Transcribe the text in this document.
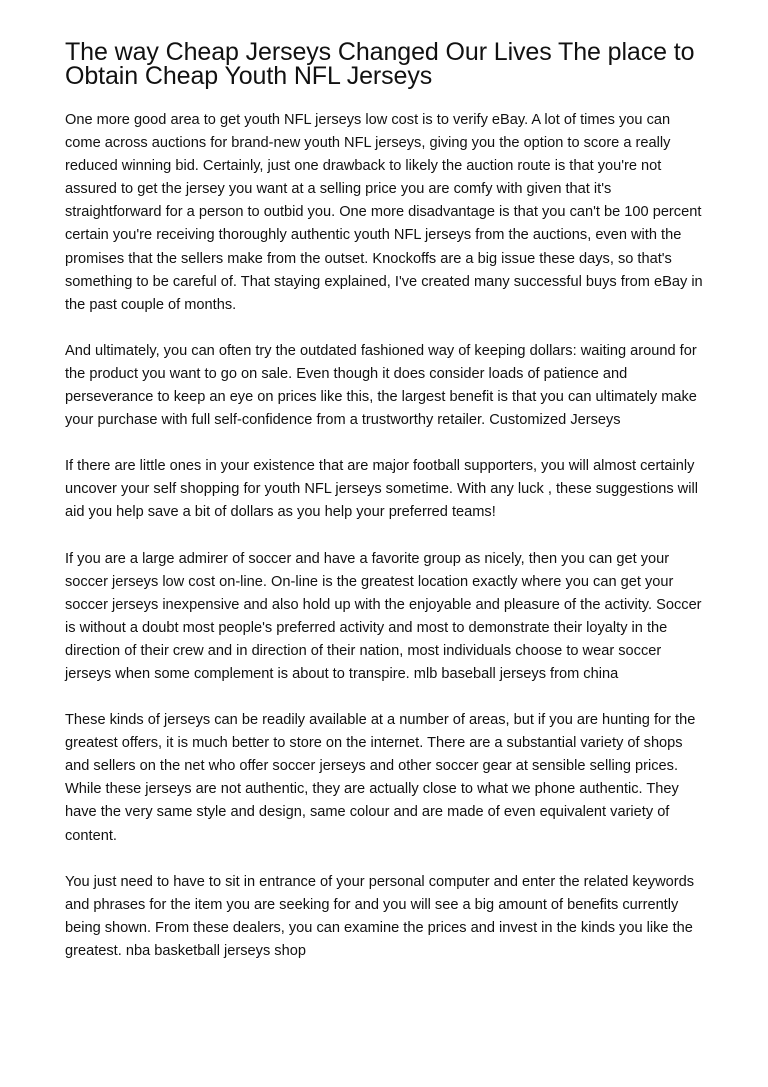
The way Cheap Jerseys Changed Our Lives The place to Obtain Cheap Youth NFL Jerseys

One more good area to get youth NFL jerseys low cost is to verify eBay. A lot of times you can come across auctions for brand-new youth NFL jerseys, giving you the option to score a really reduced winning bid. Certainly, just one drawback to likely the auction route is that you're not assured to get the jersey you want at a selling price you are comfy with given that it's straightforward for a person to outbid you. One more disadvantage is that you can't be 100 percent certain you're receiving thoroughly authentic youth NFL jerseys from the auctions, even with the promises that the sellers make from the outset. Knockoffs are a big issue these days, so that's something to be careful of. That staying explained, I've created many successful buys from eBay in the past couple of months.

And ultimately, you can often try the outdated fashioned way of keeping dollars: waiting around for the product you want to go on sale. Even though it does consider loads of patience and perseverance to keep an eye on prices like this, the largest benefit is that you can ultimately make your purchase with full self-confidence from a trustworthy retailer. Customized Jerseys

If there are little ones in your existence that are major football supporters, you will almost certainly uncover your self shopping for youth NFL jerseys sometime. With any luck , these suggestions will aid you help save a bit of dollars as you help your preferred teams!

If you are a large admirer of soccer and have a favorite group as nicely, then you can get your soccer jerseys low cost on-line. On-line is the greatest location exactly where you can get your soccer jerseys inexpensive and also hold up with the enjoyable and pleasure of the activity. Soccer is without a doubt most people's preferred activity and most to demonstrate their loyalty in the direction of their crew and in direction of their nation, most individuals choose to wear soccer jerseys when some complement is about to transpire. mlb baseball jerseys from china

These kinds of jerseys can be readily available at a number of areas, but if you are hunting for the greatest offers, it is much better to store on the internet. There are a substantial variety of shops and sellers on the net who offer soccer jerseys and other soccer gear at sensible selling prices. While these jerseys are not authentic, they are actually close to what we phone authentic. They have the very same style and design, same colour and are made of even equivalent variety of content.

You just need to have to sit in entrance of your personal computer and enter the related keywords and phrases for the item you are seeking for and you will see a big amount of benefits currently being shown. From these dealers, you can examine the prices and invest in the kinds you like the greatest. nba basketball jerseys shop
